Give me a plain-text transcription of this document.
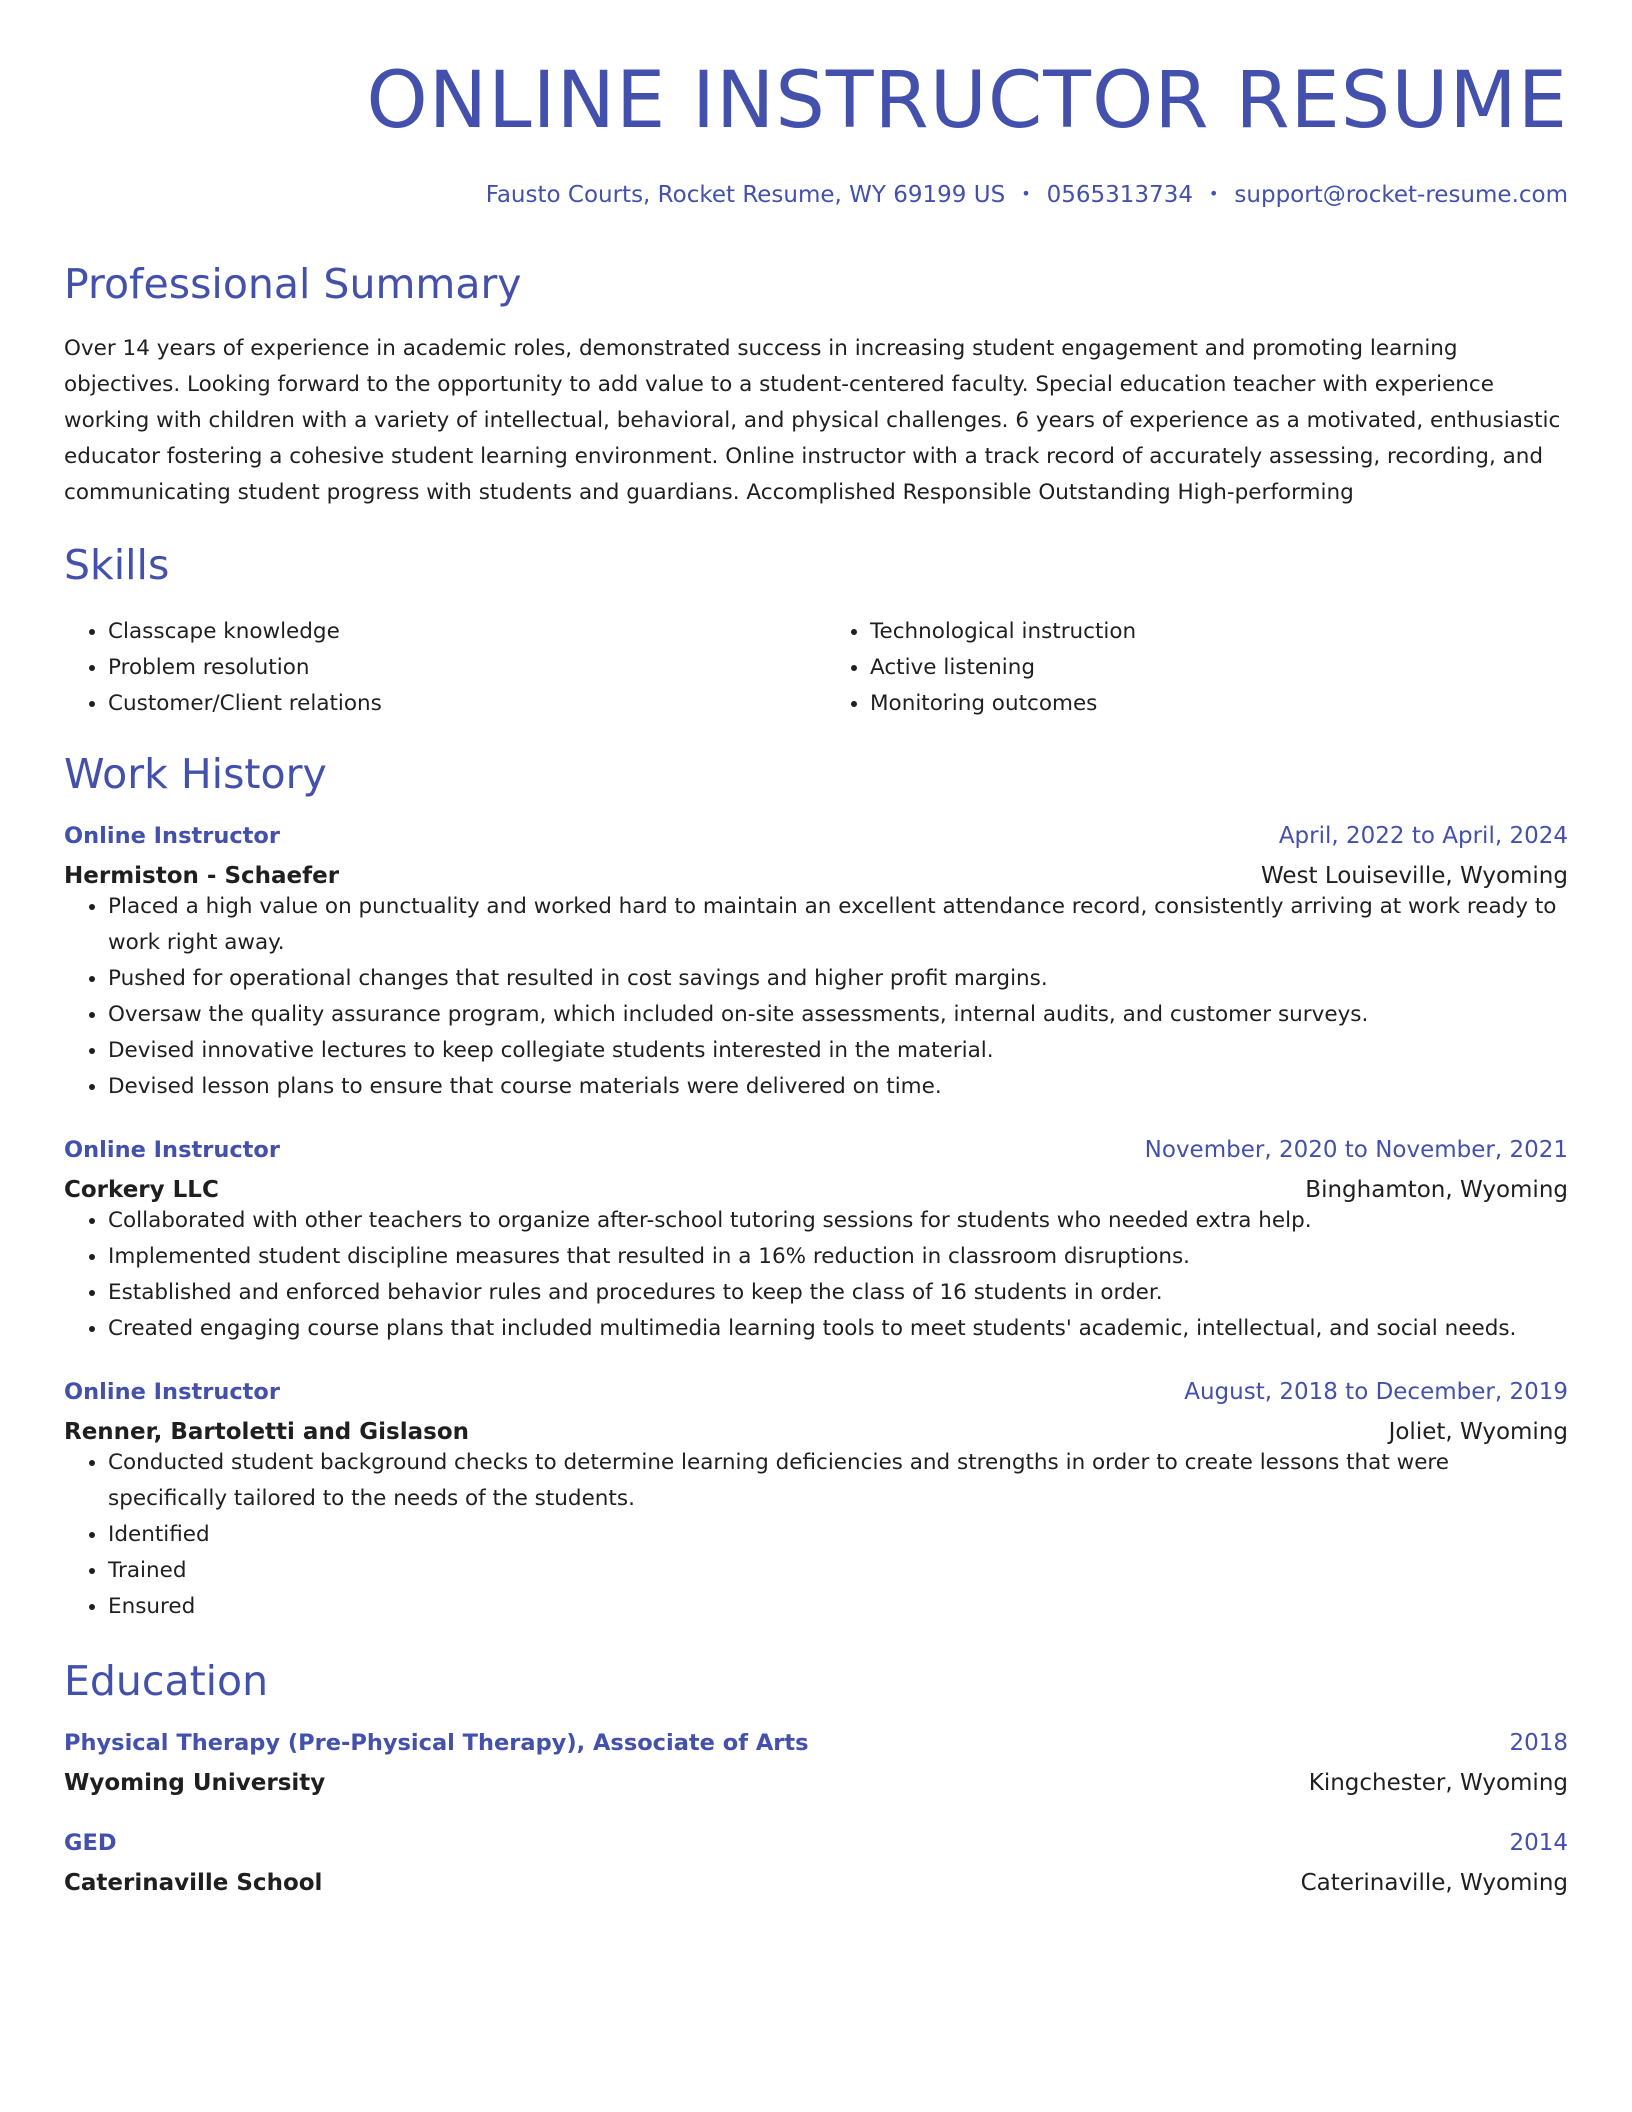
ONLINE INSTRUCTOR RESUME
Fausto Courts, Rocket Resume, WY 69199 US • 0565313734 • support@rocket-resume.com
Professional Summary

Over 14 years of experience in academic roles, demonstrated success in increasing student engagement and promoting learning objectives. Looking forward to the opportunity to add value to a student-centered faculty. Special education teacher with experience working with children with a variety of intellectual, behavioral, and physical challenges. 6 years of experience as a motivated, enthusiastic educator fostering a cohesive student learning environment. Online instructor with a track record of accurately assessing, recording, and communicating student progress with students and guardians. Accomplished Responsible Outstanding High-performing

Skills
• Classcape knowledge
• Problem resolution
• Customer/Client relations
• Technological instruction
• Active listening
• Monitoring outcomes
Work History
Online Instructor	April, 2022 to April, 2024
Hermiston - Schaefer	West Louiseville, Wyoming
• Placed a high value on punctuality and worked hard to maintain an excellent attendance record, consistently arriving at work ready to work right away.
• Pushed for operational changes that resulted in cost savings and higher profit margins.
• Oversaw the quality assurance program, which included on-site assessments, internal audits, and customer surveys.
• Devised innovative lectures to keep collegiate students interested in the material.
• Devised lesson plans to ensure that course materials were delivered on time.
Online Instructor	November, 2020 to November, 2021
Corkery LLC	Binghamton, Wyoming
• Collaborated with other teachers to organize after-school tutoring sessions for students who needed extra help.
• Implemented student discipline measures that resulted in a 16% reduction in classroom disruptions.
• Established and enforced behavior rules and procedures to keep the class of 16 students in order.
• Created engaging course plans that included multimedia learning tools to meet students' academic, intellectual, and social needs.
Online Instructor	August, 2018 to December, 2019
Renner, Bartoletti and Gislason	Joliet, Wyoming
• Conducted student background checks to determine learning deficiencies and strengths in order to create lessons that were specifically tailored to the needs of the students.
• Identified
• Trained
• Ensured
Education
Physical Therapy (Pre-Physical Therapy), Associate of Arts	2018
Wyoming University	Kingchester, Wyoming
GED	2014
Caterinaville School	Caterinaville, Wyoming
